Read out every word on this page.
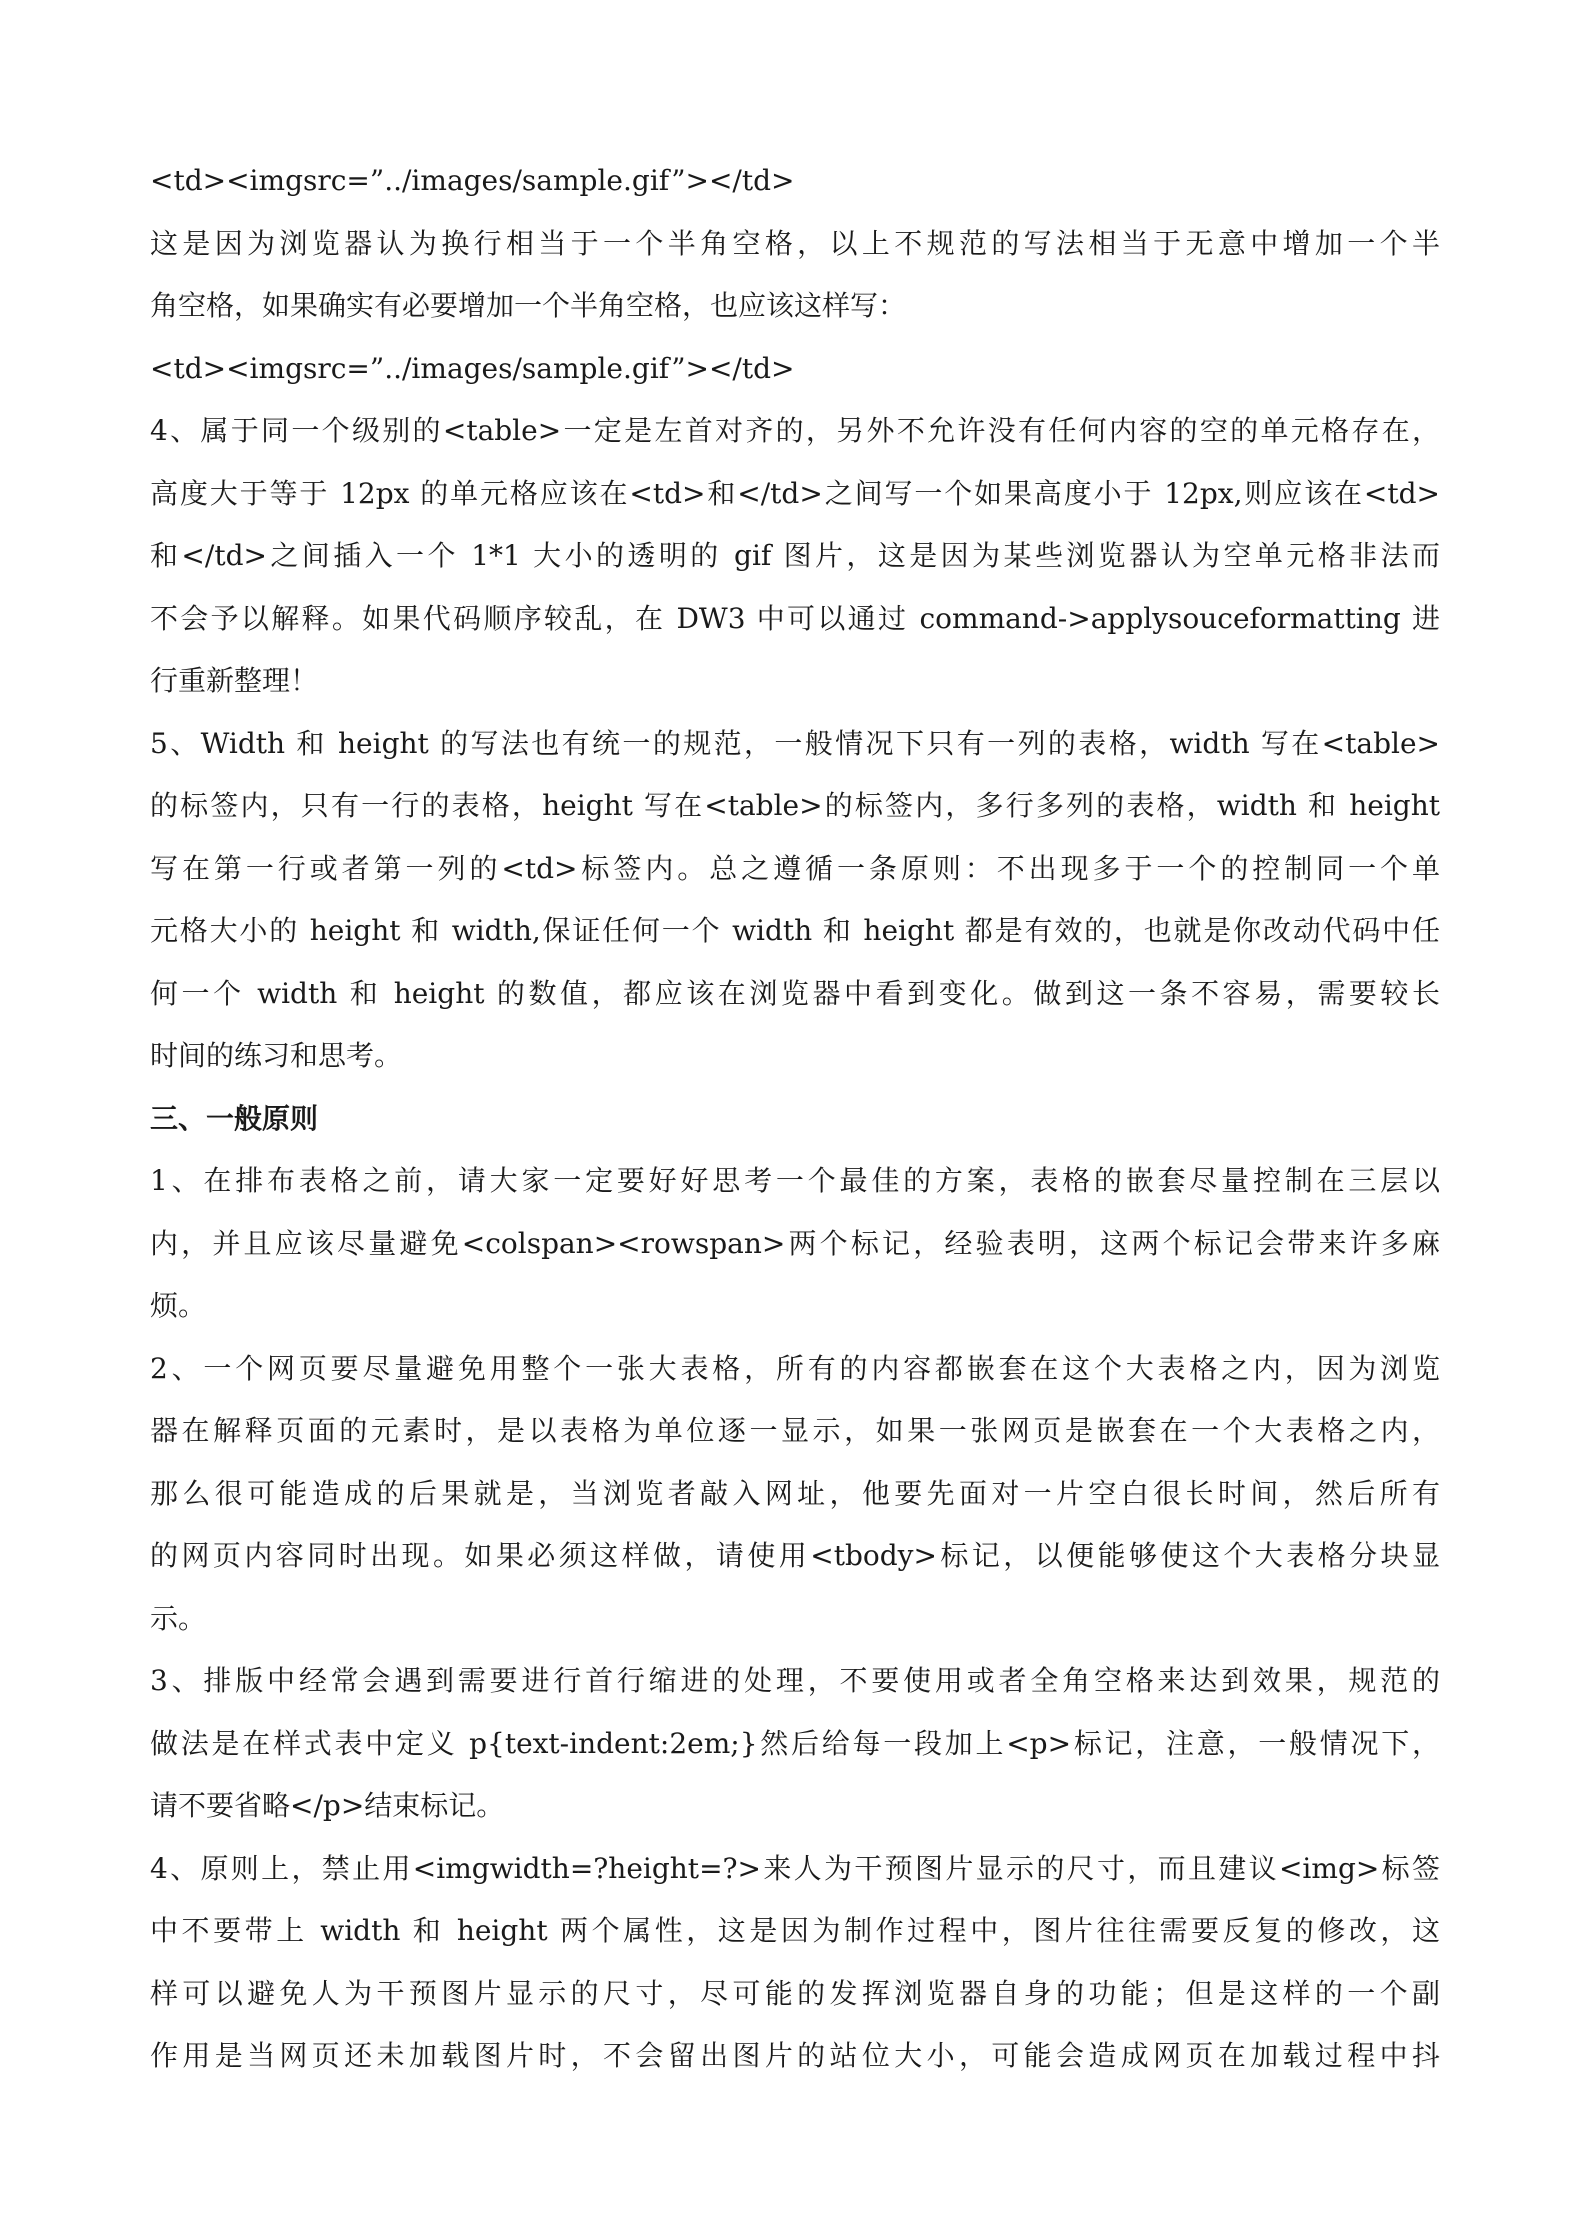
<td><imgsrc=”../images/sample.gif”></td>

这是因为浏览器认为换行相当于一个半角空格，以上不规范的写法相当于无意中增加一个半

角空格，如果确实有必要增加一个半角空格，也应该这样写：

<td><imgsrc=”../images/sample.gif”></td>

4、属于同一个级别的<table>一定是左首对齐的，另外不允许没有任何内容的空的单元格存在，

高度大于等于 12px 的单元格应该在<td>和</td>之间写一个如果高度小于 12px,则应该在<td>

和</td>之间插入一个 1*1 大小的透明的 gif 图片，这是因为某些浏览器认为空单元格非法而

不会予以解释。如果代码顺序较乱，在 DW3 中可以通过 command->applysouceformatting 进

行重新整理！

5、Width 和 height 的写法也有统一的规范，一般情况下只有一列的表格，width 写在<table>

的标签内，只有一行的表格，height 写在<table>的标签内，多行多列的表格，width 和 height

写在第一行或者第一列的<td>标签内。总之遵循一条原则：不出现多于一个的控制同一个单

元格大小的 height 和 width,保证任何一个 width 和 height 都是有效的，也就是你改动代码中任

何一个 width 和 height 的数值，都应该在浏览器中看到变化。做到这一条不容易，需要较长

时间的练习和思考。

三、一般原则

1、在排布表格之前，请大家一定要好好思考一个最佳的方案，表格的嵌套尽量控制在三层以

内，并且应该尽量避免<colspan><rowspan>两个标记，经验表明，这两个标记会带来许多麻

烦。

2、一个网页要尽量避免用整个一张大表格，所有的内容都嵌套在这个大表格之内，因为浏览

器在解释页面的元素时，是以表格为单位逐一显示，如果一张网页是嵌套在一个大表格之内，

那么很可能造成的后果就是，当浏览者敲入网址，他要先面对一片空白很长时间，然后所有

的网页内容同时出现。如果必须这样做，请使用<tbody>标记，以便能够使这个大表格分块显

示。

3、排版中经常会遇到需要进行首行缩进的处理，不要使用或者全角空格来达到效果，规范的

做法是在样式表中定义 p{text-indent:2em;}然后给每一段加上<p>标记，注意，一般情况下，

请不要省略</p>结束标记。

4、原则上，禁止用<imgwidth=?height=?>来人为干预图片显示的尺寸，而且建议<img>标签

中不要带上 width 和 height 两个属性，这是因为制作过程中，图片往往需要反复的修改，这

样可以避免人为干预图片显示的尺寸，尽可能的发挥浏览器自身的功能；但是这样的一个副

作用是当网页还未加载图片时，不会留出图片的站位大小，可能会造成网页在加载过程中抖
